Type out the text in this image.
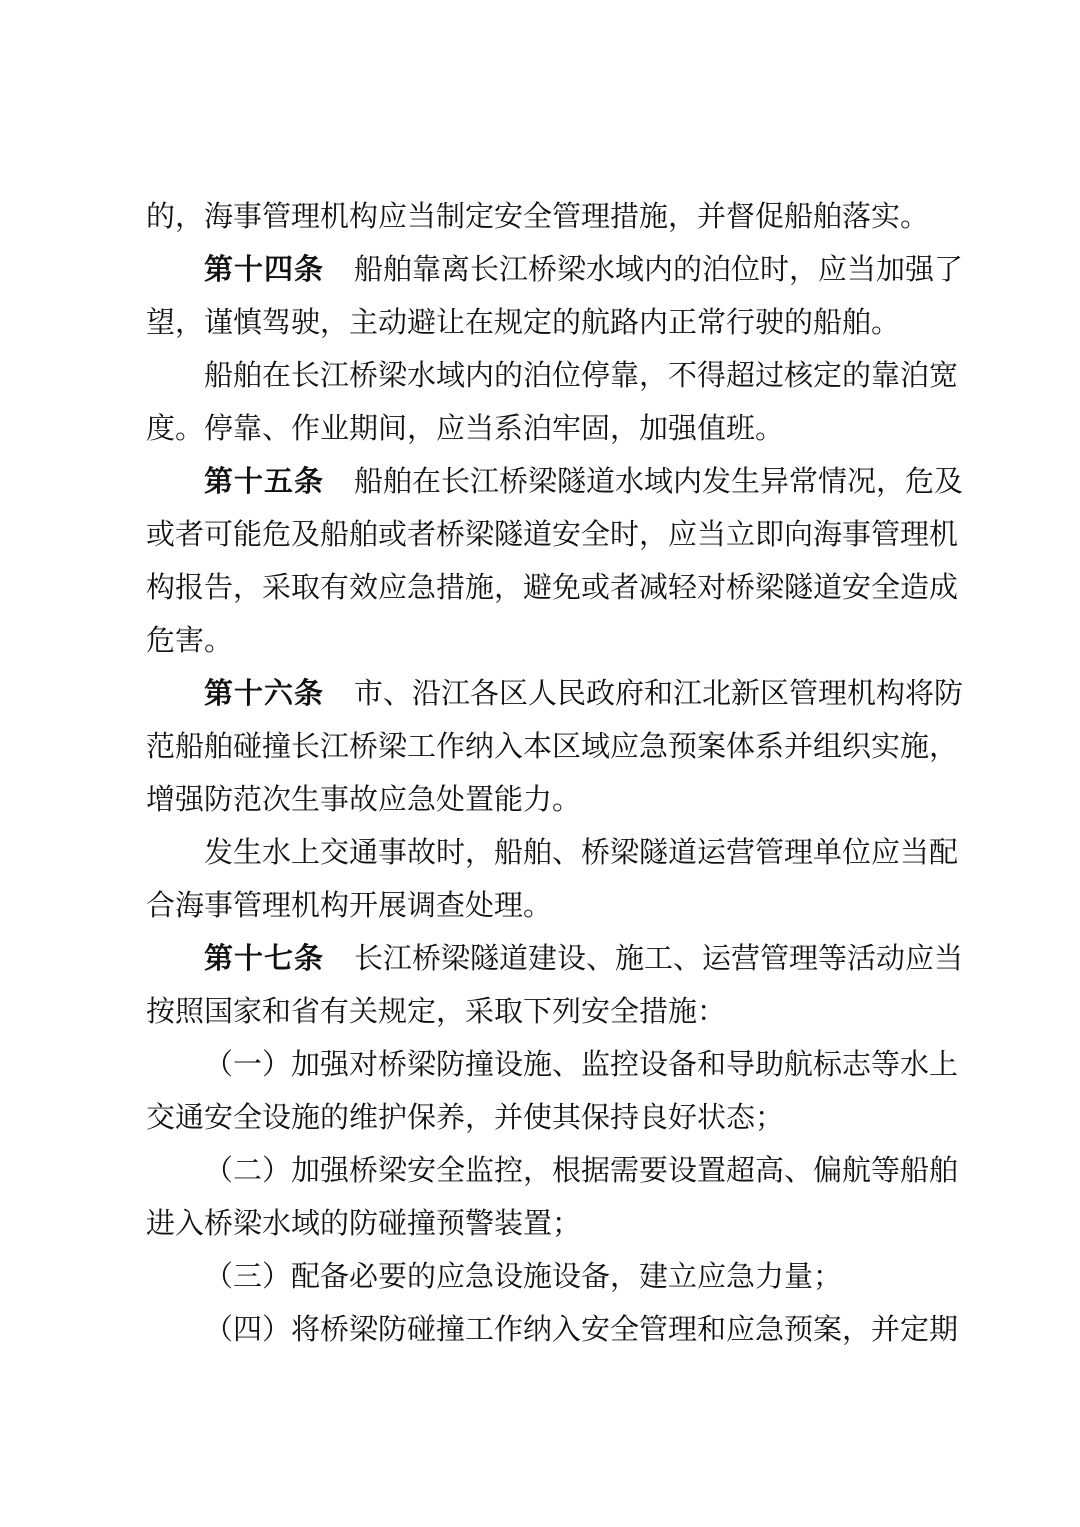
的，海事管理机构应当制定安全管理措施，并督促船舶落实。
第十四条 船舶靠离长江桥梁水域内的泊位时，应当加强了
望，谨慎驾驶，主动避让在规定的航路内正常行驶的船舶。
船舶在长江桥梁水域内的泊位停靠，不得超过核定的靠泊宽
度。停靠、作业期间，应当系泊牢固，加强值班。
第十五条 船舶在长江桥梁隧道水域内发生异常情况，危及
或者可能危及船舶或者桥梁隧道安全时，应当立即向海事管理机
构报告，采取有效应急措施，避免或者减轻对桥梁隧道安全造成
危害。
第十六条 市、沿江各区人民政府和江北新区管理机构将防
范船舶碰撞长江桥梁工作纳入本区域应急预案体系并组织实施，
增强防范次生事故应急处置能力。
发生水上交通事故时，船舶、桥梁隧道运营管理单位应当配
合海事管理机构开展调查处理。
第十七条 长江桥梁隧道建设、施工、运营管理等活动应当
按照国家和省有关规定，采取下列安全措施：
（一）加强对桥梁防撞设施、监控设备和导助航标志等水上
交通安全设施的维护保养，并使其保持良好状态；
（二）加强桥梁安全监控，根据需要设置超高、偏航等船舶
进入桥梁水域的防碰撞预警装置；
（三）配备必要的应急设施设备，建立应急力量；
（四）将桥梁防碰撞工作纳入安全管理和应急预案，并定期
